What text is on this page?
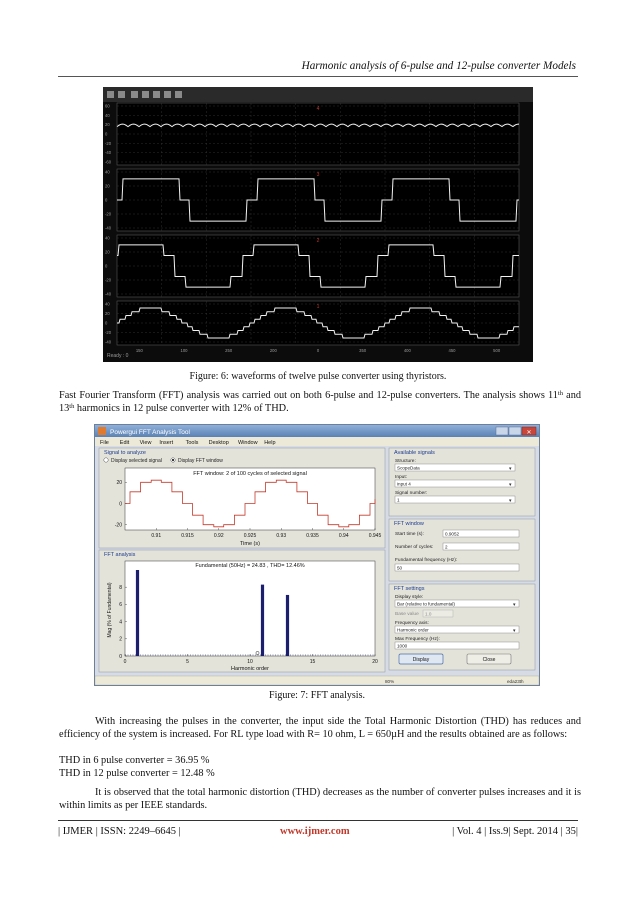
Harmonic analysis of 6-pulse and 12-pulse converter Models
60
40
20
0
-20
-40
-60
4
40
20
0
-20
-40
3
40
20
0
-20
-40
2
40
20
0
-20
-40
1
150	100	250	200	0	350	400	450	500
Ready : 0
Figure: 6: waveforms of twelve pulse converter using thyristors.
Fast Fourier Transform (FFT) analysis was carried out on both 6-pulse and 12-pulse converters. The analysis shows 11th and 13th harmonics in 12 pulse converter with 12% of THD.
Powergui FFT Analysis Tool	✕
File Edit View Insert Tools Desktop Window Help
Signal to analyze
Display selected signal	Display FFT window
FFT window: 2 of 100 cycles of selected signal
0.91	0.915	0.92	0.925	0.93	0.935	0.94	0.945
20
0
-20
Time (s)
FFT analysis
Fundamental (50Hz) = 24.83 , THD= 12.46%
0	5	10	15	20
0
2
4
6
8
Harmonic order
Mag (% of Fundamental)
Available signals
Structure:
ScopeData	▾
Input:
input 4	▾
Signal number:
1	▾
FFT window
Start time (s):	0.9052
Number of cycles:	2
Fundamental frequency (Hz):
50
FFT settings
Display style:
Bar (relative to fundamental)	▾
Base value 1.0
Frequency axis:
Harmonic order	▾
Max Frequency (Hz):
1000
Display	Close
80%	eda23th
Figure: 7: FFT analysis.
With increasing the pulses in the converter, the input side the Total Harmonic Distortion (THD) has reduces and efficiency of the system is increased. For RL type load with R= 10 ohm, L = 650µH and the results obtained are as follows:
THD in 6 pulse converter = 36.95 %
THD in 12 pulse converter = 12.48 %
It is observed that the total harmonic distortion (THD) decreases as the number of converter pulses increases and it is within limits as per IEEE standards.
| IJMER | ISSN: 2249–6645 |	www.ijmer.com	| Vol. 4 | Iss.9| Sept. 2014 | 35|
